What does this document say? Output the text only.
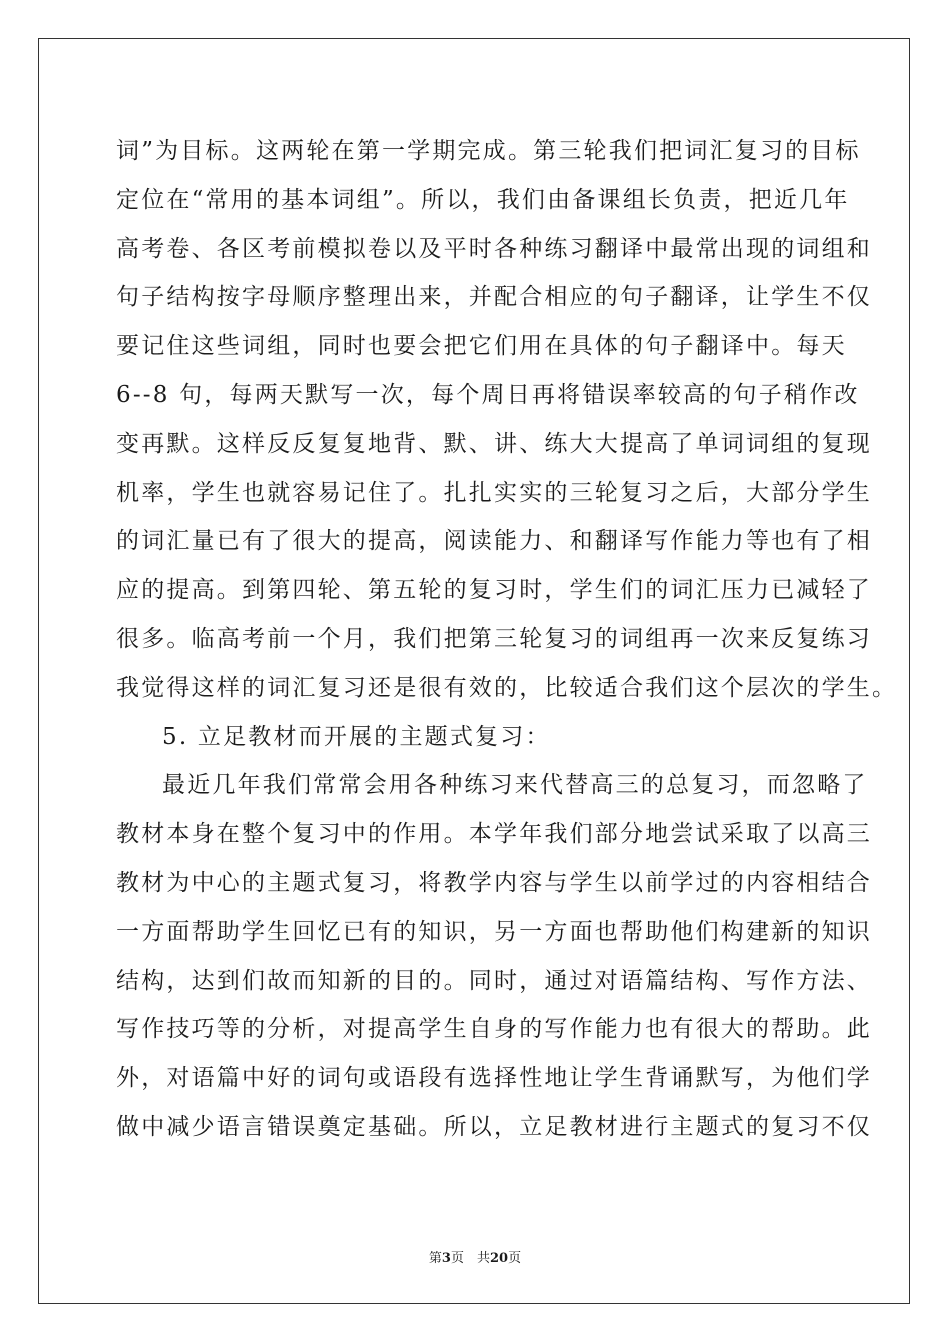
词”为目标。这两轮在第一学期完成。第三轮我们把词汇复习的目标
定位在“常用的基本词组”。所以，我们由备课组长负责，把近几年
高考卷、各区考前模拟卷以及平时各种练习翻译中最常出现的词组和
句子结构按字母顺序整理出来，并配合相应的句子翻译，让学生不仅
要记住这些词组，同时也要会把它们用在具体的句子翻译中。每天
6--8 句，每两天默写一次，每个周日再将错误率较高的句子稍作改
变再默。这样反反复复地背、默、讲、练大大提高了单词词组的复现
机率，学生也就容易记住了。扎扎实实的三轮复习之后，大部分学生
的词汇量已有了很大的提高，阅读能力、和翻译写作能力等也有了相
应的提高。到第四轮、第五轮的复习时，学生们的词汇压力已减轻了
很多。临高考前一个月，我们把第三轮复习的词组再一次来反复练习
我觉得这样的词汇复习还是很有效的，比较适合我们这个层次的学生。
5. 立足教材而开展的主题式复习：
最近几年我们常常会用各种练习来代替高三的总复习，而忽略了
教材本身在整个复习中的作用。本学年我们部分地尝试采取了以高三
教材为中心的主题式复习，将教学内容与学生以前学过的内容相结合
一方面帮助学生回忆已有的知识，另一方面也帮助他们构建新的知识
结构，达到们故而知新的目的。同时，通过对语篇结构、写作方法、
写作技巧等的分析，对提高学生自身的写作能力也有很大的帮助。此
外，对语篇中好的词句或语段有选择性地让学生背诵默写，为他们学
做中减少语言错误奠定基础。所以，立足教材进行主题式的复习不仅
第3页　共20页
